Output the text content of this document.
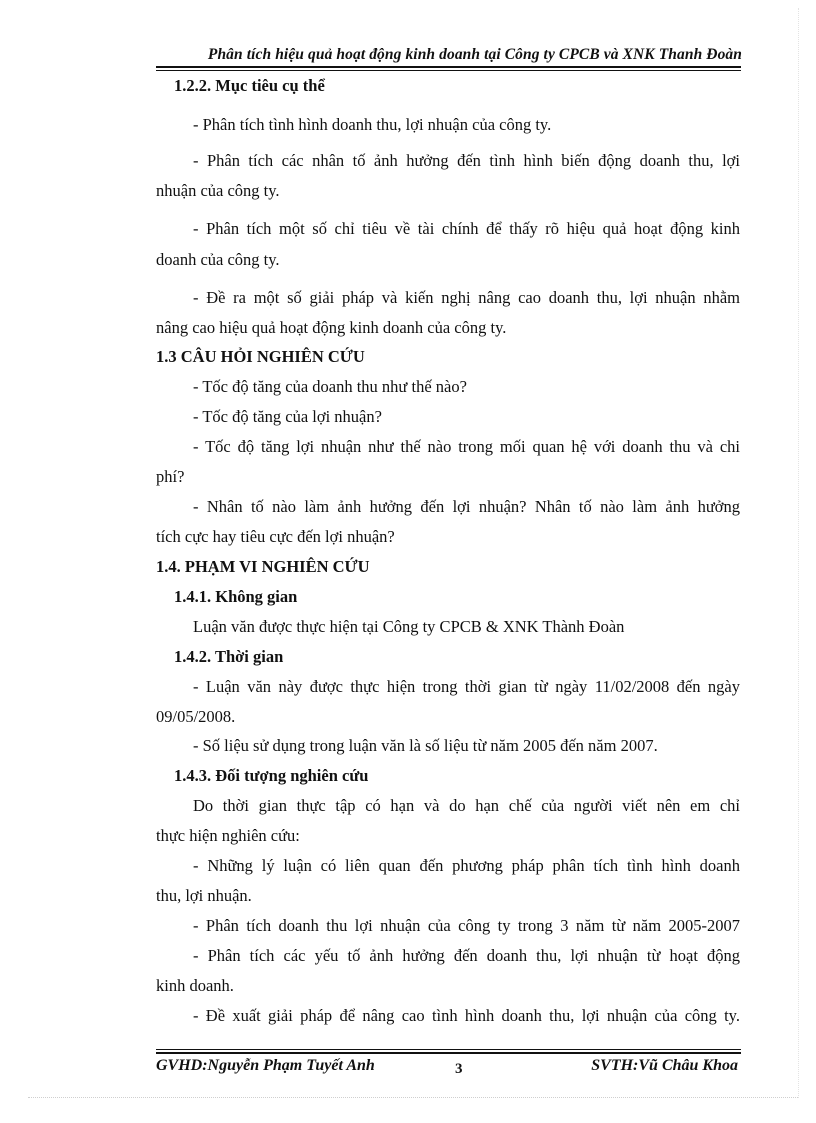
Phân tích hiệu quả hoạt động kinh doanh tại Công ty CPCB và XNK Thanh Đoàn
1.2.2. Mục tiêu cụ thể
- Phân tích tình hình doanh thu, lợi nhuận của công ty.
- Phân tích các nhân tố ảnh hưởng đến tình hình biến động doanh thu, lợi
nhuận của công ty.
- Phân tích một số chỉ tiêu về tài chính để thấy rõ hiệu quả hoạt động kinh
doanh của công ty.
- Đề ra một số giải pháp và kiến nghị nâng cao doanh thu, lợi nhuận nhằm
nâng cao hiệu quả hoạt động kinh doanh của công ty.
1.3 CÂU HỎI NGHIÊN CỨU
- Tốc độ tăng của doanh thu như thế nào?
- Tốc độ tăng của lợi nhuận?
- Tốc độ tăng lợi nhuận như thế nào trong mối quan hệ với doanh thu và chi
phí?
- Nhân tố nào làm ảnh hưởng đến lợi nhuận? Nhân tố nào làm ảnh hưởng
tích cực hay tiêu cực đến lợi nhuận?
1.4. PHẠM VI NGHIÊN CỨU
1.4.1. Không gian
Luận văn được thực hiện tại Công ty CPCB & XNK Thành Đoàn
1.4.2. Thời gian
- Luận văn này được thực hiện trong thời gian từ ngày 11/02/2008 đến ngày
09/05/2008.
- Số liệu sử dụng trong luận văn là số liệu từ năm 2005 đến năm 2007.
1.4.3. Đối tượng nghiên cứu
Do thời gian thực tập có hạn và do hạn chế của người viết nên em chỉ
thực hiện nghiên cứu:
- Những lý luận có liên quan đến phương pháp phân tích tình hình doanh
thu, lợi nhuận.
- Phân tích doanh thu lợi nhuận của công ty trong 3 năm từ năm 2005-2007
- Phân tích các yếu tố ảnh hưởng đến doanh thu, lợi nhuận từ hoạt động
kinh doanh.
- Đề xuất giải pháp để nâng cao tình hình doanh thu, lợi nhuận của công ty.
GVHD:Nguyễn Phạm Tuyết Anh	3	SVTH:Vũ Châu Khoa
